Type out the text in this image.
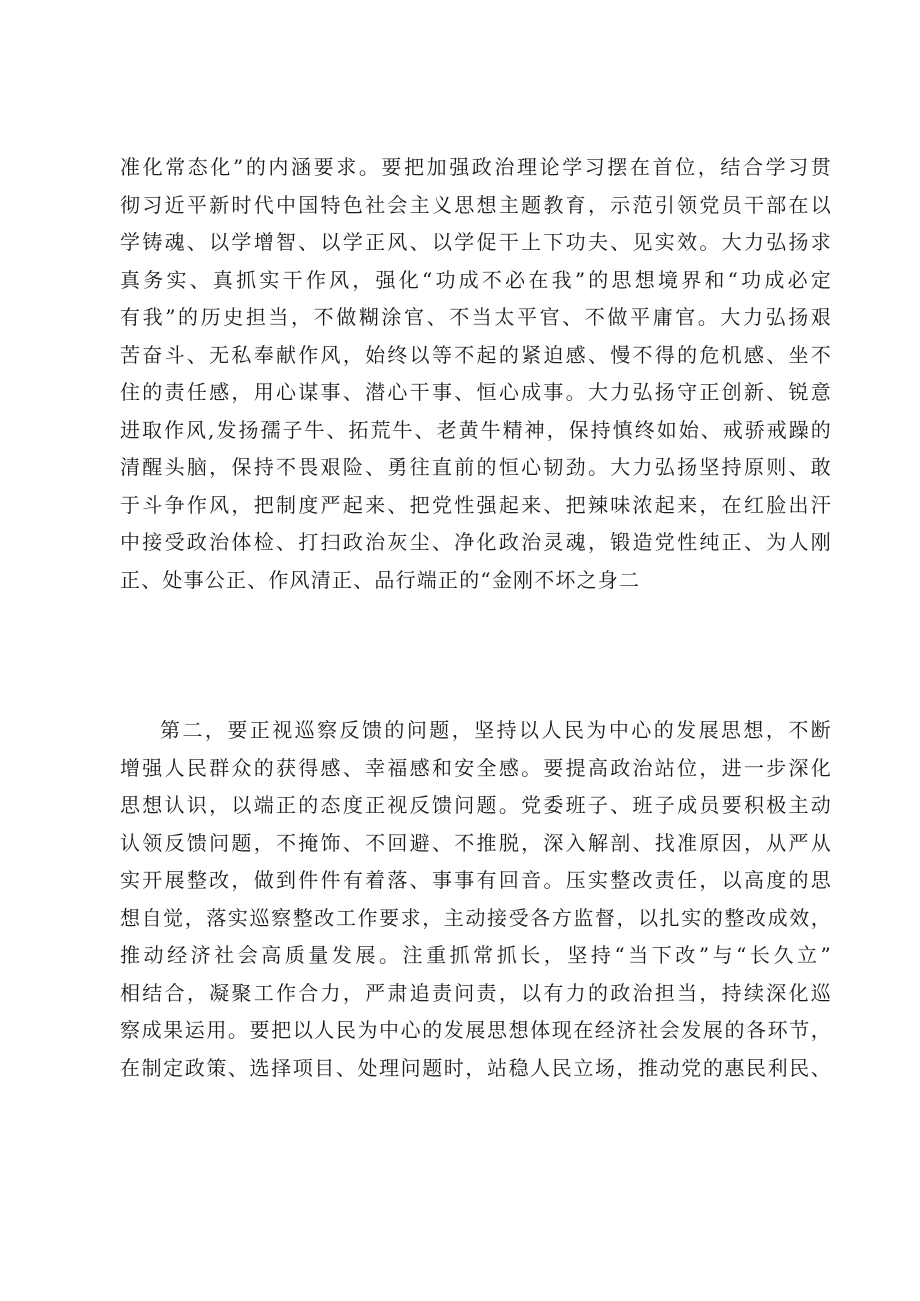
准化常态化”的内涵要求。要把加强政治理论学习摆在首位，结合学习贯
彻习近平新时代中国特色社会主义思想主题教育，示范引领党员干部在以
学铸魂、以学增智、以学正风、以学促干上下功夫、见实效。大力弘扬求
真务实、真抓实干作风，强化“功成不必在我”的思想境界和“功成必定
有我”的历史担当，不做糊涂官、不当太平官、不做平庸官。大力弘扬艰
苦奋斗、无私奉献作风，始终以等不起的紧迫感、慢不得的危机感、坐不
住的责任感，用心谋事、潜心干事、恒心成事。大力弘扬守正创新、锐意
进取作风,发扬孺子牛、拓荒牛、老黄牛精神，保持慎终如始、戒骄戒躁的
清醒头脑，保持不畏艰险、勇往直前的恒心韧劲。大力弘扬坚持原则、敢
于斗争作风，把制度严起来、把党性强起来、把辣味浓起来，在红脸出汗
中接受政治体检、打扫政治灰尘、净化政治灵魂，锻造党性纯正、为人刚
正、处事公正、作风清正、品行端正的“金刚不坏之身二
第二，要正视巡察反馈的问题，坚持以人民为中心的发展思想，不断
增强人民群众的获得感、幸福感和安全感。要提高政治站位，进一步深化
思想认识，以端正的态度正视反馈问题。党委班子、班子成员要积极主动
认领反馈问题，不掩饰、不回避、不推脱，深入解剖、找准原因，从严从
实开展整改，做到件件有着落、事事有回音。压实整改责任，以高度的思
想自觉，落实巡察整改工作要求，主动接受各方监督，以扎实的整改成效，
推动经济社会高质量发展。注重抓常抓长，坚持“当下改”与“长久立”
相结合，凝聚工作合力，严肃追责问责，以有力的政治担当，持续深化巡
察成果运用。要把以人民为中心的发展思想体现在经济社会发展的各环节，
在制定政策、选择项目、处理问题时，站稳人民立场，推动党的惠民利民、
